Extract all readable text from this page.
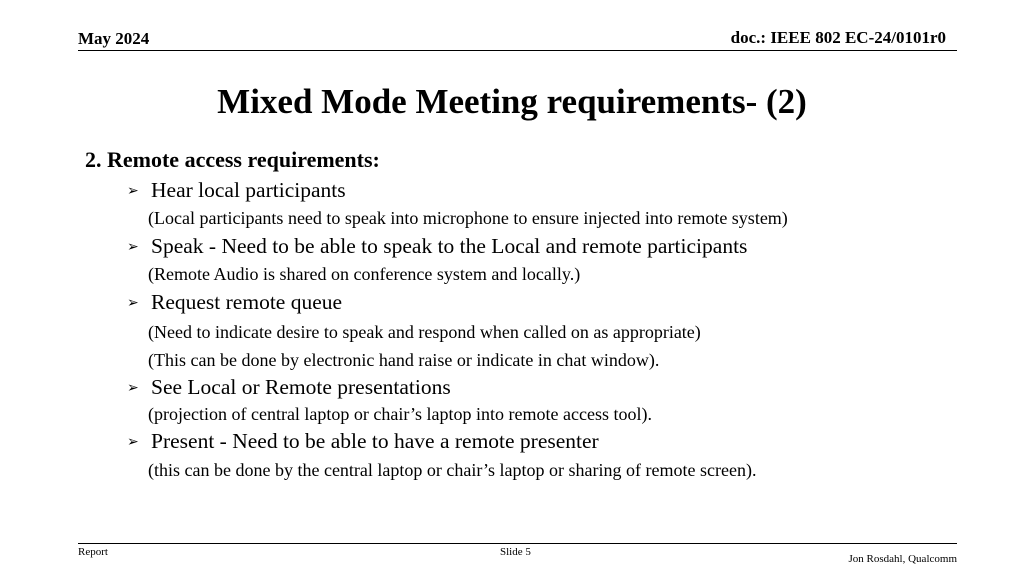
May 2024	doc.: IEEE 802 EC-24/0101r0
Mixed Mode Meeting requirements- (2)
2. Remote access requirements:
➢ Hear local participants
(Local participants need to speak into microphone to ensure injected into remote system)
➢ Speak - Need to be able to speak to the Local and remote participants
(Remote Audio is shared on conference system and locally.)
➢ Request remote queue
(Need to indicate desire to speak and respond when called on as appropriate)
(This can be done by electronic hand raise or indicate in chat window).
➢ See Local or Remote presentations
(projection of central laptop or chair’s laptop into remote access tool).
➢ Present - Need to be able to have a remote presenter
(this can be done by the central laptop or chair’s laptop or sharing of remote screen).
Report	Slide 5
Jon Rosdahl, Qualcomm
